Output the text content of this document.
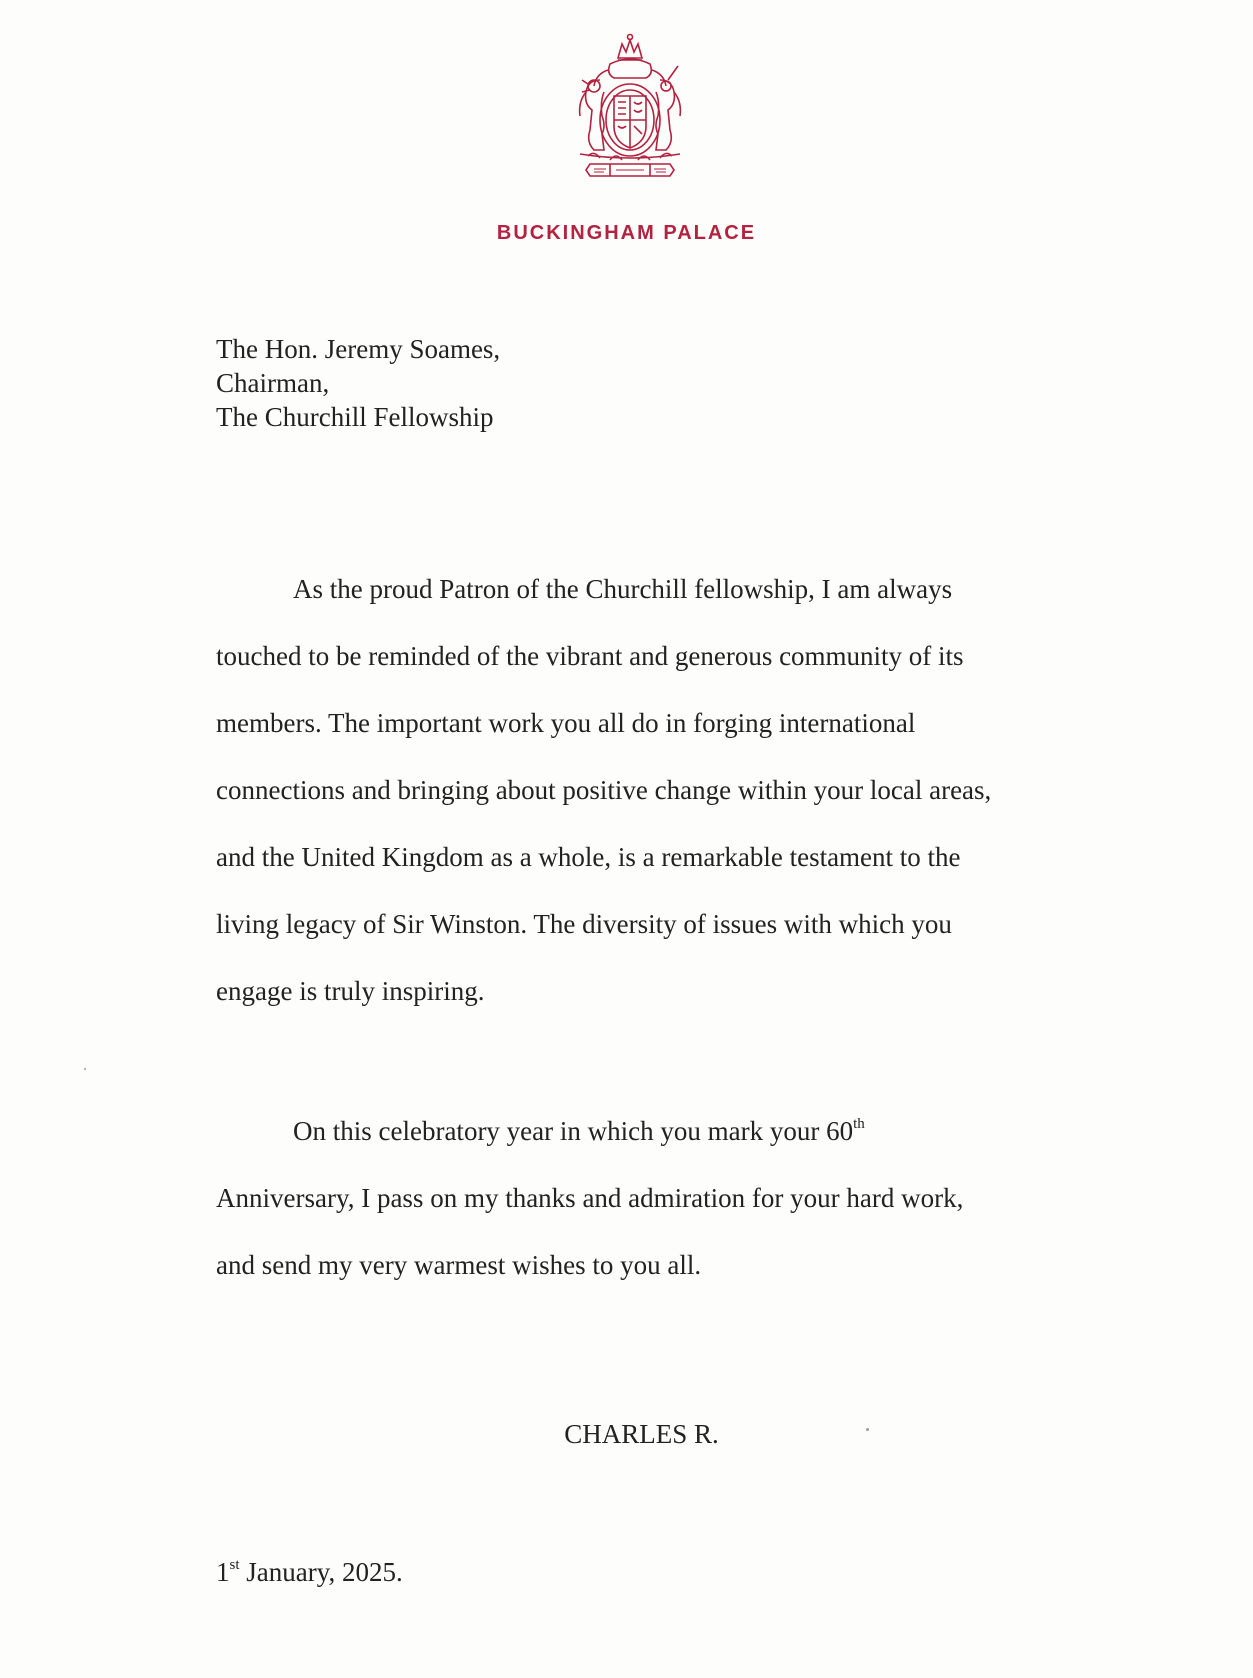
BUCKINGHAM PALACE
The Hon. Jeremy Soames,
Chairman,
The Churchill Fellowship
As the proud Patron of the Churchill fellowship, I am always
touched to be reminded of the vibrant and generous community of its
members. The important work you all do in forging international
connections and bringing about positive change within your local areas,
and the United Kingdom as a whole, is a remarkable testament to the
living legacy of Sir Winston. The diversity of issues with which you
engage is truly inspiring.
On this celebratory year in which you mark your 60th
Anniversary, I pass on my thanks and admiration for your hard work,
and send my very warmest wishes to you all.
CHARLES R.
1st January, 2025.
